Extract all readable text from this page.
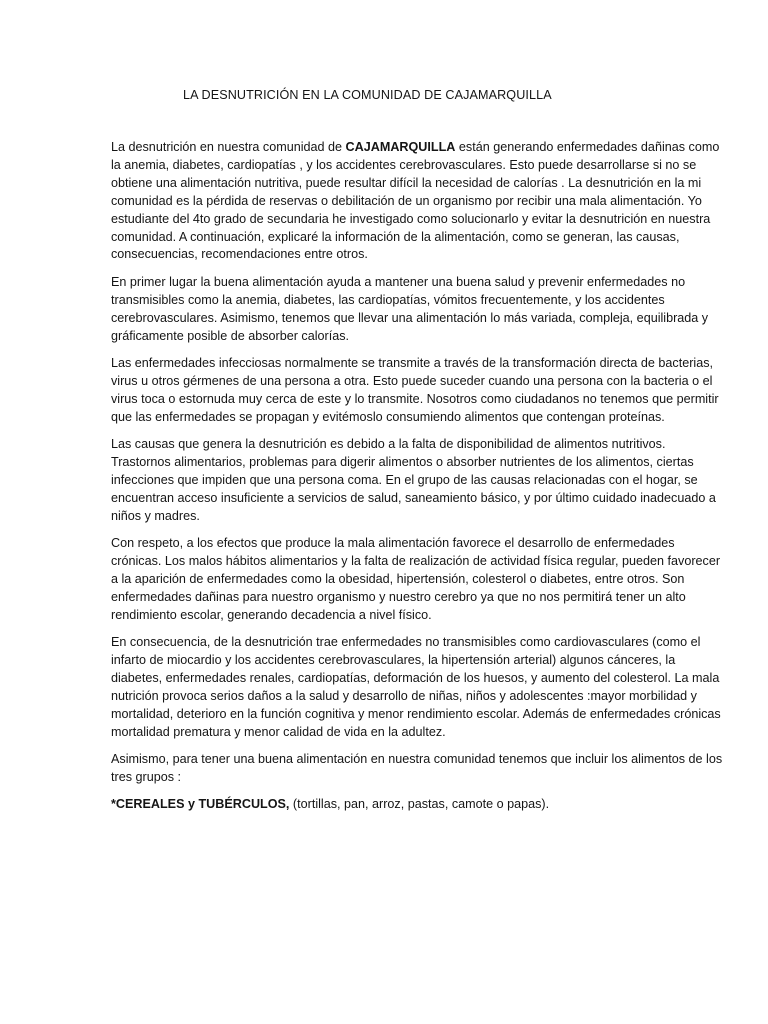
LA DESNUTRICIÓN EN LA COMUNIDAD DE CAJAMARQUILLA

La desnutrición en nuestra comunidad de CAJAMARQUILLA están generando enfermedades dañinas como la anemia, diabetes, cardiopatías , y los accidentes cerebrovasculares. Esto puede desarrollarse si no se obtiene una alimentación nutritiva, puede resultar difícil la necesidad de calorías . La desnutrición en la mi comunidad es la pérdida de reservas o debilitación de un organismo por recibir una mala alimentación. Yo estudiante del 4to grado de secundaria he investigado como solucionarlo y evitar la desnutrición en nuestra comunidad. A continuación, explicaré la información de la alimentación, como se generan, las causas, consecuencias, recomendaciones entre otros.

En primer lugar la buena alimentación ayuda a mantener una buena salud y prevenir enfermedades no transmisibles como la anemia, diabetes, las cardiopatías, vómitos frecuentemente, y los accidentes cerebrovasculares. Asimismo, tenemos que llevar una alimentación lo más variada, compleja, equilibrada y gráficamente posible de absorber calorías.

Las enfermedades infecciosas normalmente se transmite a través de la transformación directa de bacterias, virus u otros gérmenes de una persona a otra. Esto puede suceder cuando una persona con la bacteria o el virus toca o estornuda muy cerca de este y lo transmite. Nosotros como ciudadanos no tenemos que permitir que las enfermedades se propagan y evitémoslo consumiendo alimentos que contengan proteínas.

Las causas que genera la desnutrición es debido a la falta de disponibilidad de alimentos nutritivos. Trastornos alimentarios, problemas para digerir alimentos o absorber nutrientes de los alimentos, ciertas infecciones que impiden que una persona coma. En el grupo de las causas relacionadas con el hogar, se encuentran acceso insuficiente a servicios de salud, saneamiento básico, y por último cuidado inadecuado a niños y madres.

Con respeto, a los efectos que produce la mala alimentación favorece el desarrollo de enfermedades crónicas. Los malos hábitos alimentarios y la falta de realización de actividad física regular, pueden favorecer a la aparición de enfermedades como la obesidad, hipertensión, colesterol o diabetes, entre otros. Son enfermedades dañinas para nuestro organismo y nuestro cerebro ya que no nos permitirá tener un alto rendimiento escolar, generando decadencia a nivel físico.

En consecuencia, de la desnutrición trae enfermedades no transmisibles como cardiovasculares (como el infarto de miocardio y los accidentes cerebrovasculares, la hipertensión arterial) algunos cánceres, la diabetes, enfermedades renales, cardiopatías, deformación de los huesos, y aumento del colesterol. La mala nutrición provoca serios daños a la salud y desarrollo de niñas, niños y adolescentes :mayor morbilidad y mortalidad, deterioro en la función cognitiva y menor rendimiento escolar. Además de enfermedades crónicas mortalidad prematura y menor calidad de vida en la adultez.

Asimismo, para tener una buena alimentación en nuestra comunidad tenemos que incluir los alimentos de los tres grupos :

*CEREALES y TUBÉRCULOS, (tortillas, pan, arroz, pastas, camote o papas).
